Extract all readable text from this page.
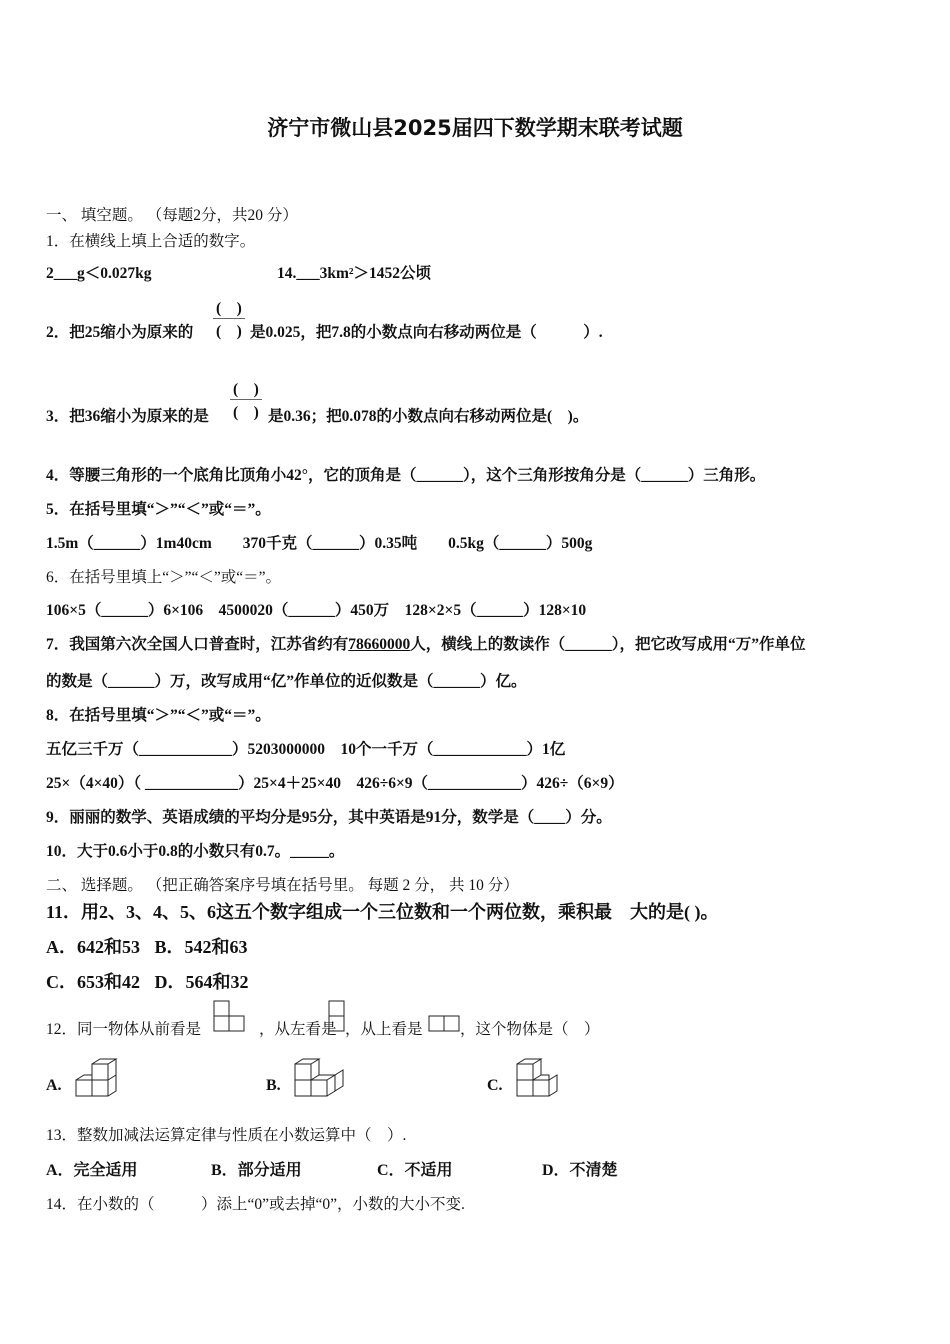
济宁市微山县2025届四下数学期末联考试题
一、 填空题。 （每题2分，共20 分）
1．在横线上填上合适的数字。
2___g＜0.027kg	14.___3km²＞1452公顷
2．把25缩小为原来的
(　)
(　) 是0.025，把7.8的小数点向右移动两位是（　　　）.
3．把36缩小为原来的是
(　)
(　) 是0.36；把0.078的小数点向右移动两位是(　)。
4．等腰三角形的一个底角比顶角小42°，它的顶角是（______），这个三角形按角分是（______）三角形。
5．在括号里填“＞”“＜”或“＝”。
1.5m（______）1m40cm　　370千克（______）0.35吨　　0.5kg（______）500g
6．在括号里填上“＞”“＜”或“＝”。
106×5（______）6×106　4500020（______）450万　128×2×5（______）128×10
7．我国第六次全国人口普查时，江苏省约有78660000人，横线上的数读作（______），把它改写成用“万”作单位
的数是（______）万，改写成用“亿”作单位的近似数是（______）亿。
8．在括号里填“＞”“＜”或“＝”。
五亿三千万（____________）5203000000　10个一千万（____________）1亿
25×（4×40）（ ____________）25×4＋25×40　426÷6×9（____________）426÷（6×9）
9．丽丽的数学、英语成绩的平均分是95分，其中英语是91分，数学是（____）分。
10．大于0.6小于0.8的小数只有0.7。_____。
二、 选择题。 （把正确答案序号填在括号里。 每题 2 分， 共 10 分）
11．用2、3、4、5、6这五个数字组成一个三位数和一个两位数，乘积最　大的是( )。
A．642和53 B．542和63
C．653和42 D．564和32
12．同一物体从前看是	，从左看是 ，从上看是 ，这个物体是（　）
A.	B.	C.
13．整数加减法运算定律与性质在小数运算中（　）.
A．完全适用	B．部分适用	C．不适用	D．不清楚
14．在小数的（　　　）添上“0”或去掉“0”，小数的大小不变.
